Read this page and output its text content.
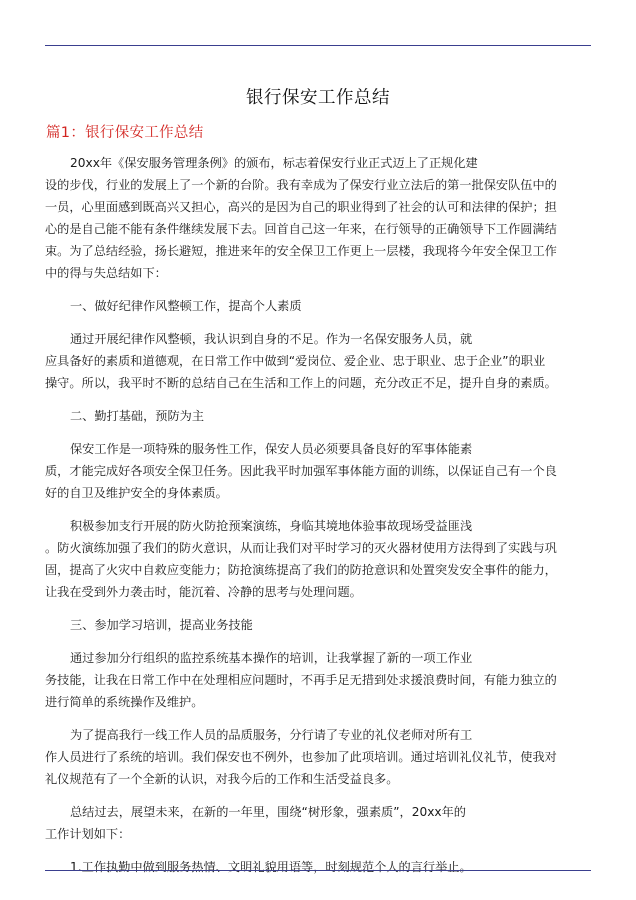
银行保安工作总结
篇1：银行保安工作总结
20xx年《保安服务管理条例》的颁布，标志着保安行业正式迈上了正规化建
设的步伐，行业的发展上了一个新的台阶。我有幸成为了保安行业立法后的第一批保安队伍中的
一员，心里面感到既高兴又担心，高兴的是因为自己的职业得到了社会的认可和法律的保护；担
心的是自己能不能有条件继续发展下去。回首自己这一年来，在行领导的正确领导下工作圆满结
束。为了总结经验，扬长避短，推进来年的安全保卫工作更上一层楼，我现将今年安全保卫工作
中的得与失总结如下：
一、做好纪律作风整顿工作，提高个人素质
通过开展纪律作风整顿，我认识到自身的不足。作为一名保安服务人员，就
应具备好的素质和道德观，在日常工作中做到“爱岗位、爱企业、忠于职业、忠于企业”的职业
操守。所以，我平时不断的总结自己在生活和工作上的问题，充分改正不足，提升自身的素质。
二、勤打基础，预防为主
保安工作是一项特殊的服务性工作，保安人员必须要具备良好的军事体能素
质，才能完成好各项安全保卫任务。因此我平时加强军事体能方面的训练，以保证自己有一个良
好的自卫及维护安全的身体素质。
积极参加支行开展的防火防抢预案演练，身临其境地体验事故现场受益匪浅
。防火演练加强了我们的防火意识，从而让我们对平时学习的灭火器材使用方法得到了实践与巩
固，提高了火灾中自救应变能力；防抢演练提高了我们的防抢意识和处置突发安全事件的能力，
让我在受到外力袭击时，能沉着、冷静的思考与处理问题。
三、参加学习培训，提高业务技能
通过参加分行组织的监控系统基本操作的培训，让我掌握了新的一项工作业
务技能，让我在日常工作中在处理相应问题时，不再手足无措到处求援浪费时间，有能力独立的
进行简单的系统操作及维护。
为了提高我行一线工作人员的品质服务，分行请了专业的礼仪老师对所有工
作人员进行了系统的培训。我们保安也不例外，也参加了此项培训。通过培训礼仪礼节，使我对
礼仪规范有了一个全新的认识，对我今后的工作和生活受益良多。
总结过去，展望未来，在新的一年里，围绕“树形象，强素质”，20xx年的
工作计划如下：
1.工作执勤中做到服务热情、文明礼貌用语等，时刻规范个人的言行举止。
